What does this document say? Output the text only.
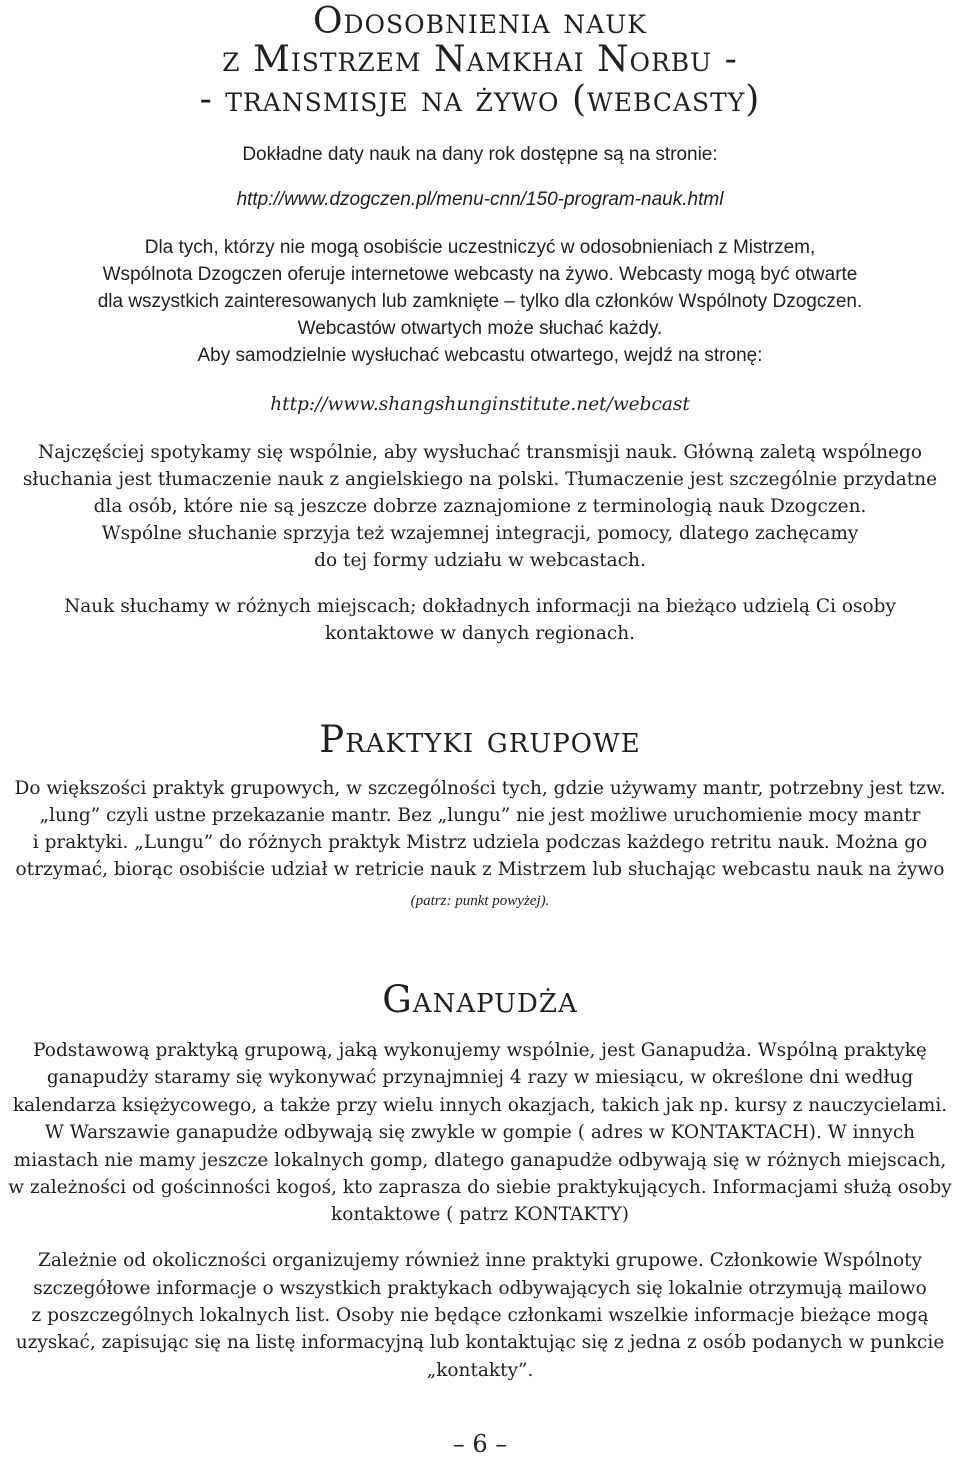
Odosobnienia nauk
z Mistrzem Namkhai Norbu -
- transmisje na żywo (webcasty)
Dokładne daty nauk na dany rok dostępne są na stronie:
http://www.dzogczen.pl/menu-cnn/150-program-nauk.html
Dla tych, którzy nie mogą osobiście uczestniczyć w odosobnieniach z Mistrzem,
Wspólnota Dzogczen oferuje internetowe webcasty na żywo. Webcasty mogą być otwarte
dla wszystkich zainteresowanych lub zamknięte – tylko dla członków Wspólnoty Dzogczen.
Webcastów otwartych może słuchać każdy.
Aby samodzielnie wysłuchać webcastu otwartego, wejdź na stronę:
http://www.shangshunginstitute.net/webcast
Najczęściej spotykamy się wspólnie, aby wysłuchać transmisji nauk. Główną zaletą wspólnego
słuchania jest tłumaczenie nauk z angielskiego na polski. Tłumaczenie jest szczególnie przydatne
dla osób, które nie są jeszcze dobrze zaznajomione z terminologią nauk Dzogczen.
Wspólne słuchanie sprzyja też wzajemnej integracji, pomocy, dlatego zachęcamy
do tej formy udziału w webcastach.
Nauk słuchamy w różnych miejscach; dokładnych informacji na bieżąco udzielą Ci osoby
kontaktowe w danych regionach.
Praktyki grupowe
Do większości praktyk grupowych, w szczególności tych, gdzie używamy mantr, potrzebny jest tzw.
„lung” czyli ustne przekazanie mantr. Bez „lungu” nie jest możliwe uruchomienie mocy mantr
i praktyki. „Lungu” do różnych praktyk Mistrz udziela podczas każdego retritu nauk. Można go
otrzymać, biorąc osobiście udział w retricie nauk z Mistrzem lub słuchając webcastu nauk na żywo
(patrz: punkt powyżej).
Ganapudża
Podstawową praktyką grupową, jaką wykonujemy wspólnie, jest Ganapudża. Wspólną praktykę
ganapudży staramy się wykonywać przynajmniej 4 razy w miesiącu, w określone dni według
kalendarza księżycowego, a także przy wielu innych okazjach, takich jak np. kursy z nauczycielami.
W Warszawie ganapudże odbywają się zwykle w gompie ( adres w KONTAKTACH). W innych
miastach nie mamy jeszcze lokalnych gomp, dlatego ganapudże odbywają się w różnych miejscach,
w zależności od gościnności kogoś, kto zaprasza do siebie praktykujących. Informacjami służą osoby
kontaktowe ( patrz KONTAKTY)
Zależnie od okoliczności organizujemy również inne praktyki grupowe. Członkowie Wspólnoty
szczegółowe informacje o wszystkich praktykach odbywających się lokalnie otrzymują mailowo
z poszczególnych lokalnych list. Osoby nie będące członkami wszelkie informacje bieżące mogą
uzyskać, zapisując się na listę informacyjną lub kontaktując się z jedna z osób podanych w punkcie
„kontakty”.
– 6 –
